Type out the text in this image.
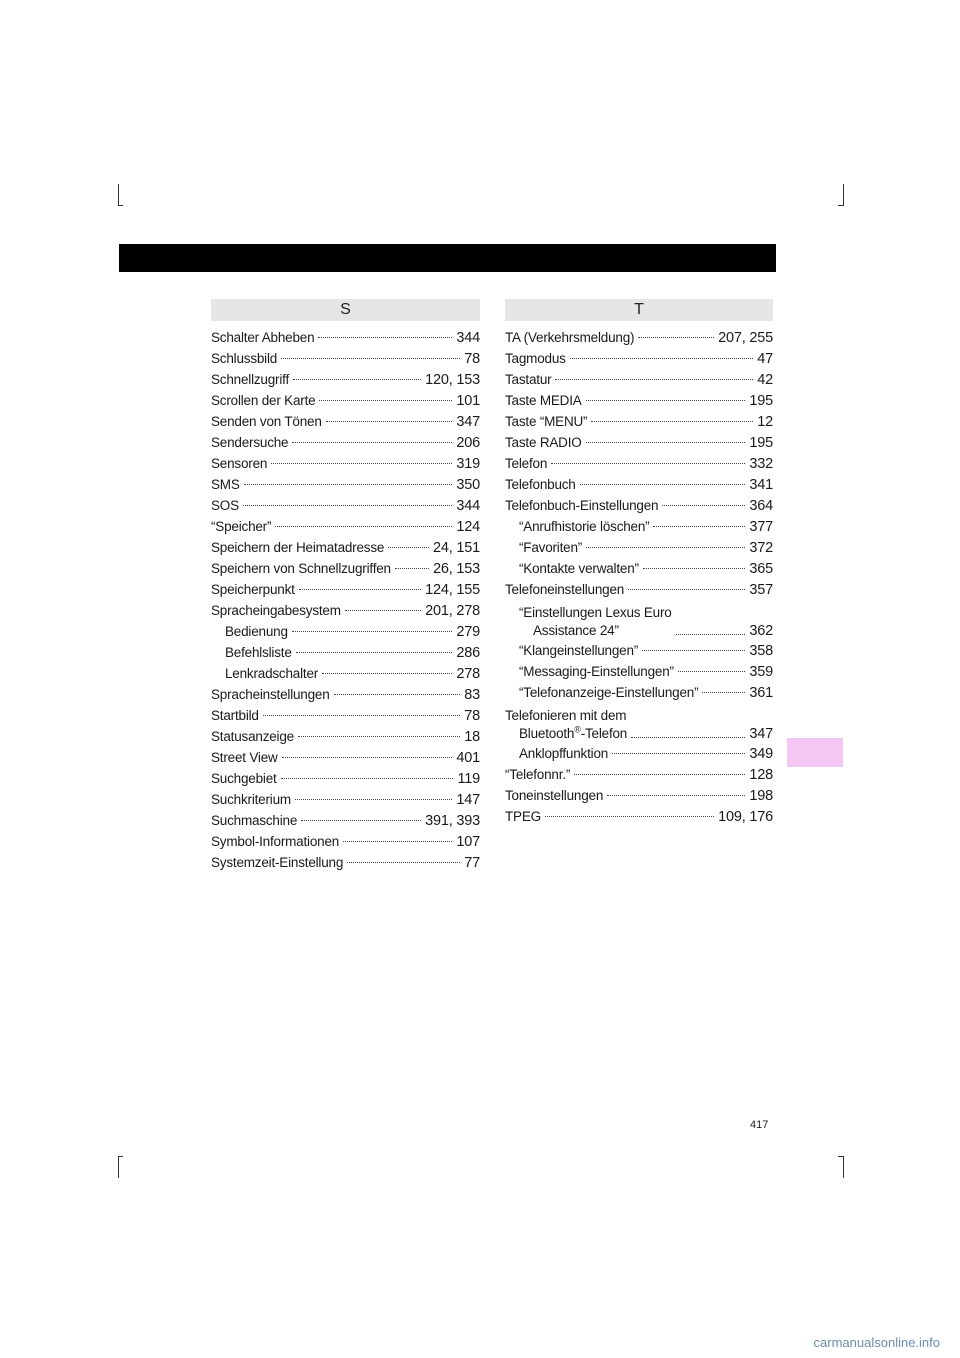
S	T
Schalter Abheben	344
Schlussbild	78
Schnellzugriff	120, 153
Scrollen der Karte	101
Senden von Tönen	347
Sendersuche	206
Sensoren	319
SMS	350
SOS	344
“Speicher”	124
Speichern der Heimatadresse	24, 151
Speichern von Schnellzugriffen	26, 153
Speicherpunkt	124, 155
Spracheingabesystem	201, 278
Bedienung	279
Befehlsliste	286
Lenkradschalter	278
Spracheinstellungen	83
Startbild	78
Statusanzeige	18
Street View	401
Suchgebiet	119
Suchkriterium	147
Suchmaschine	391, 393
Symbol-Informationen	107
Systemzeit-Einstellung	77
TA (Verkehrsmeldung)	207, 255
Tagmodus	47
Tastatur	42
Taste MEDIA	195
Taste “MENU”	12
Taste RADIO	195
Telefon	332
Telefonbuch	341
Telefonbuch-Einstellungen	364
“Anrufhistorie löschen”	377
“Favoriten”	372
“Kontakte verwalten”	365
Telefoneinstellungen	357
“Einstellungen Lexus Euro
Assistance 24”	362
“Klangeinstellungen”	358
“Messaging-Einstellungen”	359
“Telefonanzeige-Einstellungen”	361
Telefonieren mit dem
Bluetooth®-Telefon	347
Anklopffunktion	349
“Telefonnr.”	128
Toneinstellungen	198
TPEG	109, 176
417
carmanualsonline.info
